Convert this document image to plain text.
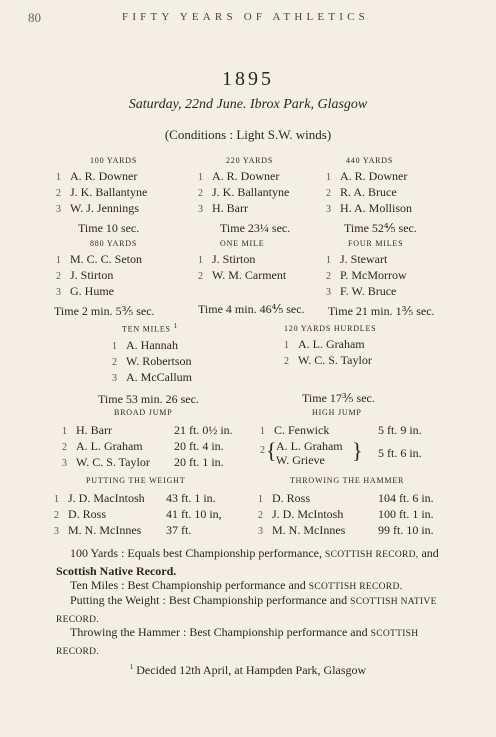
80	FIFTY YEARS OF ATHLETICS
1895
Saturday, 22nd June. Ibrox Park, Glasgow
(Conditions : Light S.W. winds)
100 YARDS
1 A. R. Downer
2 J. K. Ballantyne
3 W. J. Jennings
Time 10 sec.
220 YARDS
1 A. R. Downer
2 J. K. Ballantyne
3 H. Barr
Time 23¼ sec.
440 YARDS
1 A. R. Downer
2 R. A. Bruce
3 H. A. Mollison
Time 52⅘ sec.
880 YARDS
1 M. C. C. Seton
2 J. Stirton
3 G. Hume
Time 2 min. 5⅗ sec.
ONE MILE
1 J. Stirton
2 W. M. Carment
Time 4 min. 46⅘ sec.
FOUR MILES
1 J. Stewart
2 P. McMorrow
3 F. W. Bruce
Time 21 min. 1⅗ sec.
TEN MILES $^1$
1 A. Hannah
2 W. Robertson
3 A. McCallum
Time 53 min. 26 sec.
120 YARDS HURDLES
1 A. L. Graham
2 W. C. S. Taylor
Time 17⅗ sec.
BROAD JUMP
1 H. Barr	21 ft. 0½ in.
2 A. L. Graham	20 ft. 4 in.
3 W. C. S. Taylor 20 ft. 1 in.
HIGH JUMP
1 C. Fenwick	5 ft. 9 in.
2 { A. L. Graham
W. Grieve } 5 ft. 6 in.
PUTTING THE WEIGHT
1 J. D. MacIntosh 43 ft. 1 in.
2 D. Ross	41 ft. 10 in,
3 M. N. McInnes 37 ft.
THROWING THE HAMMER
1 D. Ross	104 ft. 6 in.
2 J. D. McIntosh	100 ft. 1 in.
3 M. N. McInnes	99 ft. 10 in.
100 Yards : Equals best Championship performance, SCOTTISH RECORD, and Scottish Native Record.
Ten Miles : Best Championship performance and SCOTTISH RECORD.
Putting the Weight : Best Championship performance and SCOTTISH NATIVE RECORD.
Throwing the Hammer : Best Championship performance and SCOTTISH RECORD.
$^1$ Decided 12th April, at Hampden Park, Glasgow
